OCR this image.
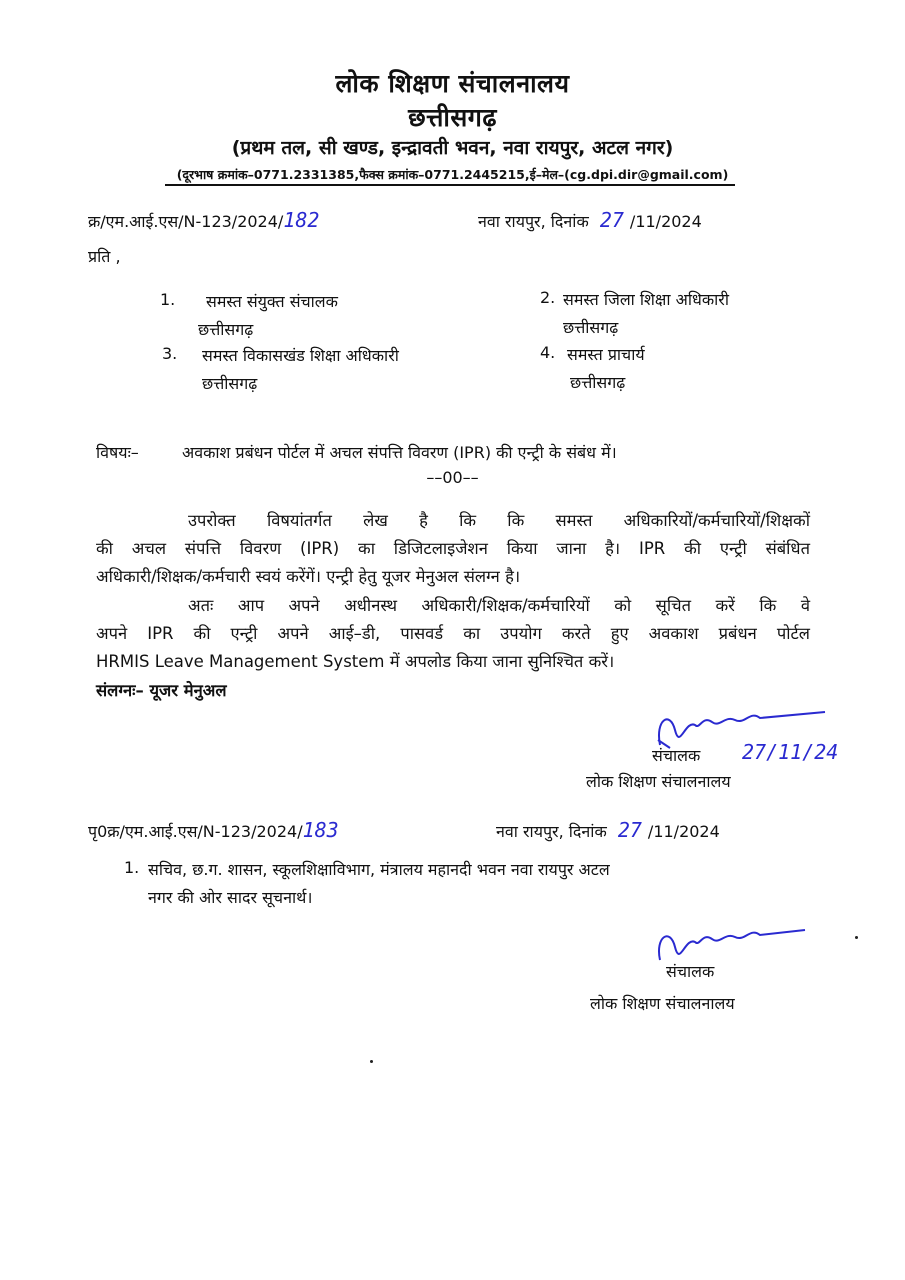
लोक शिक्षण संचालनालय
छत्तीसगढ़
(प्रथम तल, सी खण्ड, इन्द्रावती भवन, नवा रायपुर, अटल नगर)
(दूरभाष क्रमांक–0771.2331385,फैक्स क्रमांक–0771.2445215,ई–मेल–(cg.dpi.dir@gmail.com)
क्र/एम.आई.एस/N-123/2024/182	नवा रायपुर, दिनांक 27 /11/2024
प्रति ,
1. समस्त संयुक्त संचालक
छत्तीसगढ़
2. समस्त जिला शिक्षा अधिकारी
छत्तीसगढ़
3. समस्त विकासखंड शिक्षा अधिकारी
छत्तीसगढ़
4. समस्त प्राचार्य
छत्तीसगढ़
विषयः–	अवकाश प्रबंधन पोर्टल में अचल संपत्ति विवरण (IPR) की एन्ट्री के संबंध में।
––00––
उपरोक्त विषयांतर्गत लेख है कि कि समस्त अधिकारियों/कर्मचारियों/शिक्षकों
की अचल संपत्ति विवरण (IPR) का डिजिटलाइजेशन किया जाना है। IPR की एन्ट्री संबंधित
अधिकारी/शिक्षक/कर्मचारी स्वयं करेंगें। एन्ट्री हेतु यूजर मेनुअल संलग्न है।
अतः आप अपने अधीनस्थ अधिकारी/शिक्षक/कर्मचारियों को सूचित करें कि वे
अपने IPR की एन्ट्री अपने आई–डी, पासवर्ड का उपयोग करते हुए अवकाश प्रबंधन पोर्टल
HRMIS Leave Management System में अपलोड किया जाना सुनिश्चित करें।
संलग्नः– यूजर मेनुअल
संचालक 27/11/24
लोक शिक्षण संचालनालय
पृ0क्र/एम.आई.एस/N-123/2024/183	नवा रायपुर, दिनांक 27 /11/2024
1. सचिव, छ.ग. शासन, स्कूलशिक्षाविभाग, मंत्रालय महानदी भवन नवा रायपुर अटल
नगर की ओर सादर सूचनार्थ।
संचालक
लोक शिक्षण संचालनालय
